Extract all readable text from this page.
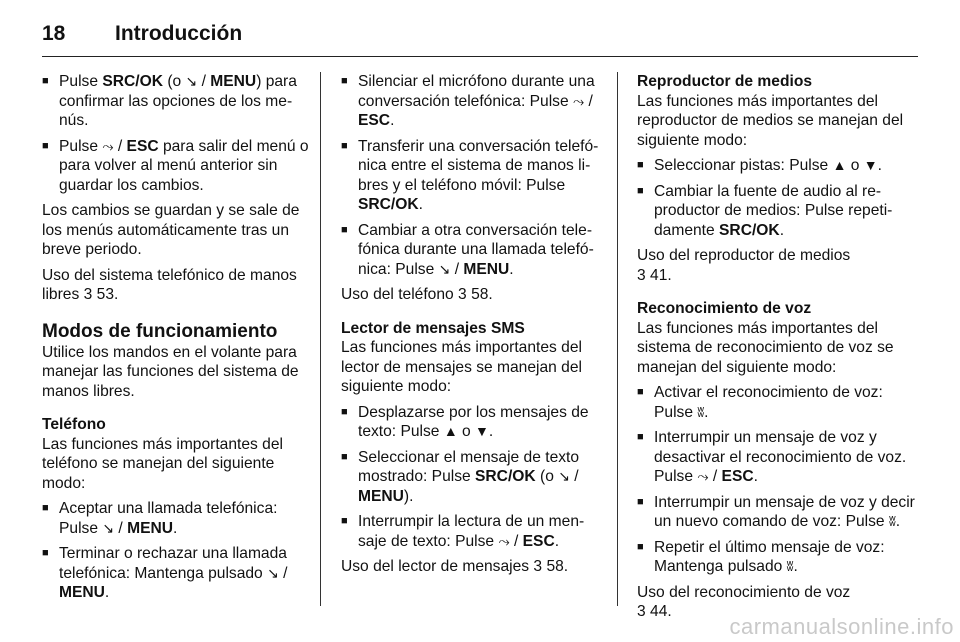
18 Introducción
■ Pulse SRC/OK (o ↘ / MENU) para confirmar las opciones de los me‐nús.
■ Pulse ⤳ / ESC para salir del menú o para volver al menú anterior sin guardar los cambios.
Los cambios se guardan y se sale de los menús automáticamente tras un breve periodo.
Uso del sistema telefónico de manos libres 3 53.
Modos de funcionamiento
Utilice los mandos en el volante para manejar las funciones del sistema de manos libres.
Teléfono
Las funciones más importantes del teléfono se manejan del siguiente modo:
■ Aceptar una llamada telefónica: Pulse ↘ / MENU.
■ Terminar o rechazar una llamada telefónica: Mantenga pulsado ↘ / MENU.
■ Silenciar el micrófono durante una conversación telefónica: Pulse ⤳ / ESC.
■ Transferir una conversación telefó‐nica entre el sistema de manos li‐bres y el teléfono móvil: Pulse SRC/OK.
■ Cambiar a otra conversación tele‐fónica durante una llamada telefó‐nica: Pulse ↘ / MENU.
Uso del teléfono 3 58.
Lector de mensajes SMS
Las funciones más importantes del lector de mensajes se manejan del siguiente modo:
■ Desplazarse por los mensajes de texto: Pulse ▲ o ▼.
■ Seleccionar el mensaje de texto mostrado: Pulse SRC/OK (o ↘ / MENU).
■ Interrumpir la lectura de un men‐saje de texto: Pulse ⤳ / ESC.
Uso del lector de mensajes 3 58.
Reproductor de medios
Las funciones más importantes del reproductor de medios se manejan del siguiente modo:
■ Seleccionar pistas: Pulse ▲ o ▼.
■ Cambiar la fuente de audio al re‐productor de medios: Pulse repeti‐damente SRC/OK.
Uso del reproductor de medios
3 41.
Reconocimiento de voz
Las funciones más importantes del sistema de reconocimiento de voz se manejan del siguiente modo:
■ Activar el reconocimiento de voz: Pulse ʬ.
■ Interrumpir un mensaje de voz y desactivar el reconocimiento de voz. Pulse ⤳ / ESC.
■ Interrumpir un mensaje de voz y decir un nuevo comando de voz: Pulse ʬ.
■ Repetir el último mensaje de voz: Mantenga pulsado ʬ.
Uso del reconocimiento de voz
3 44.
carmanualsonline.info
